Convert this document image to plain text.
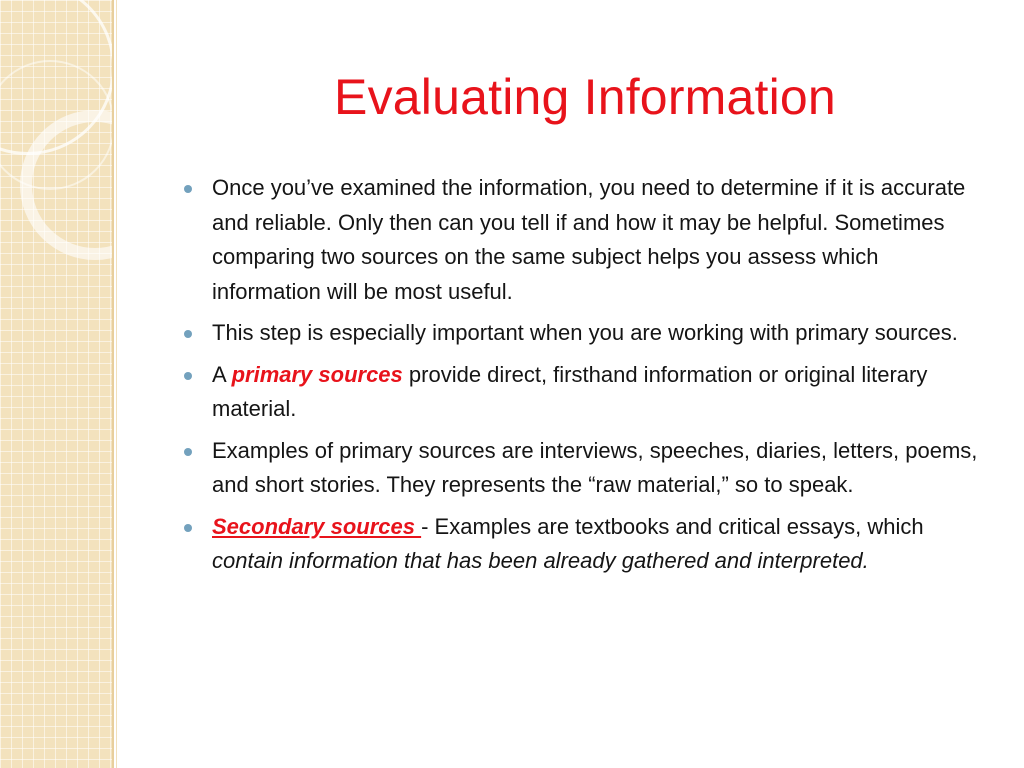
Evaluating Information
Once you’ve examined the information, you need to determine if it is accurate and reliable. Only then can you tell if and how it may be helpful. Sometimes comparing two sources on the same subject helps you assess which information will be most useful.
This step is especially important when you are working with primary sources.
A primary sources provide direct, firsthand information or original literary material.
Examples of primary sources are interviews, speeches, diaries, letters, poems, and short stories. They represents the “raw material,” so to speak.
Secondary sources - Examples are textbooks and critical essays, which contain information that has been already gathered and interpreted.
